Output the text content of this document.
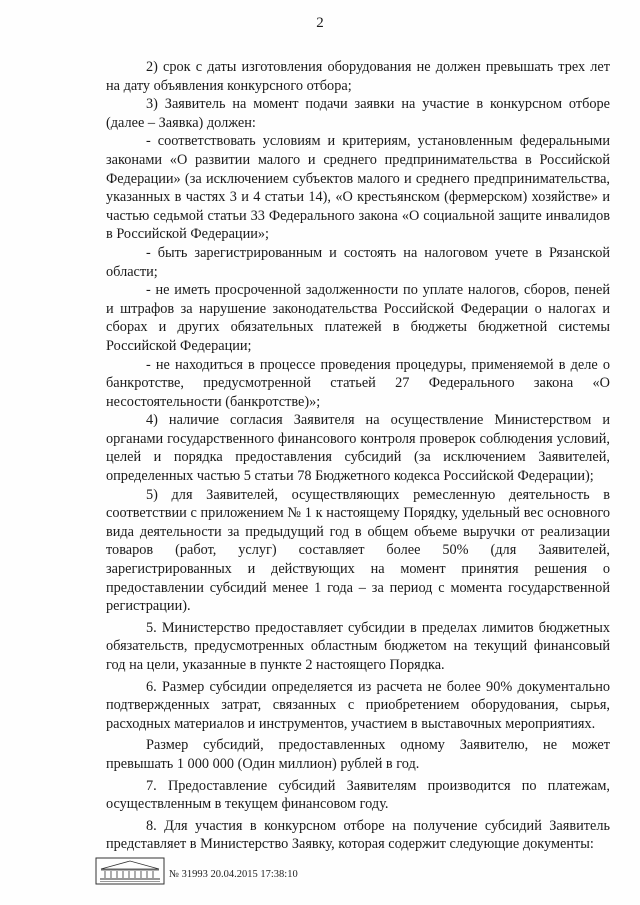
2

2) срок с даты изготовления оборудования не должен превышать трех лет на дату объявления конкурсного отбора;

3) Заявитель на момент подачи заявки на участие в конкурсном отборе (далее – Заявка) должен:

- соответствовать условиям и критериям, установленным федеральными законами «О развитии малого и среднего предпринимательства в Российской Федерации» (за исключением субъектов малого и среднего предпринимательства, указанных в частях 3 и 4 статьи 14), «О крестьянском (фермерском) хозяйстве» и частью седьмой статьи 33 Федерального закона «О социальной защите инвалидов в Российской Федерации»;

- быть зарегистрированным и состоять на налоговом учете в Рязанской области;

- не иметь просроченной задолженности по уплате налогов, сборов, пеней и штрафов за нарушение законодательства Российской Федерации о налогах и сборах и других обязательных платежей в бюджеты бюджетной системы Российской Федерации;

- не находиться в процессе проведения процедуры, применяемой в деле о банкротстве, предусмотренной статьей 27 Федерального закона «О несостоятельности (банкротстве)»;

4) наличие согласия Заявителя на осуществление Министерством и органами государственного финансового контроля проверок соблюдения условий, целей и порядка предоставления субсидий (за исключением Заявителей, определенных частью 5 статьи 78 Бюджетного кодекса Российской Федерации);

5) для Заявителей, осуществляющих ремесленную деятельность в соответствии с приложением № 1 к настоящему Порядку, удельный вес основного вида деятельности за предыдущий год в общем объеме выручки от реализации товаров (работ, услуг) составляет более 50% (для Заявителей, зарегистрированных и действующих на момент принятия решения о предоставлении субсидий менее 1 года – за период с момента государственной регистрации).

5. Министерство предоставляет субсидии в пределах лимитов бюджетных обязательств, предусмотренных областным бюджетом на текущий финансовый год на цели, указанные в пункте 2 настоящего Порядка.

6. Размер субсидии определяется из расчета не более 90% документально подтвержденных затрат, связанных с приобретением оборудования, сырья, расходных материалов и инструментов, участием в выставочных мероприятиях.

Размер субсидий, предоставленных одному Заявителю, не может превышать 1 000 000 (Один миллион) рублей в год.

7. Предоставление субсидий Заявителям производится по платежам, осуществленным в текущем финансовом году.

8. Для участия в конкурсном отборе на получение субсидий Заявитель представляет в Министерство Заявку, которая содержит следующие документы:

№ 31993 20.04.2015 17:38:10
